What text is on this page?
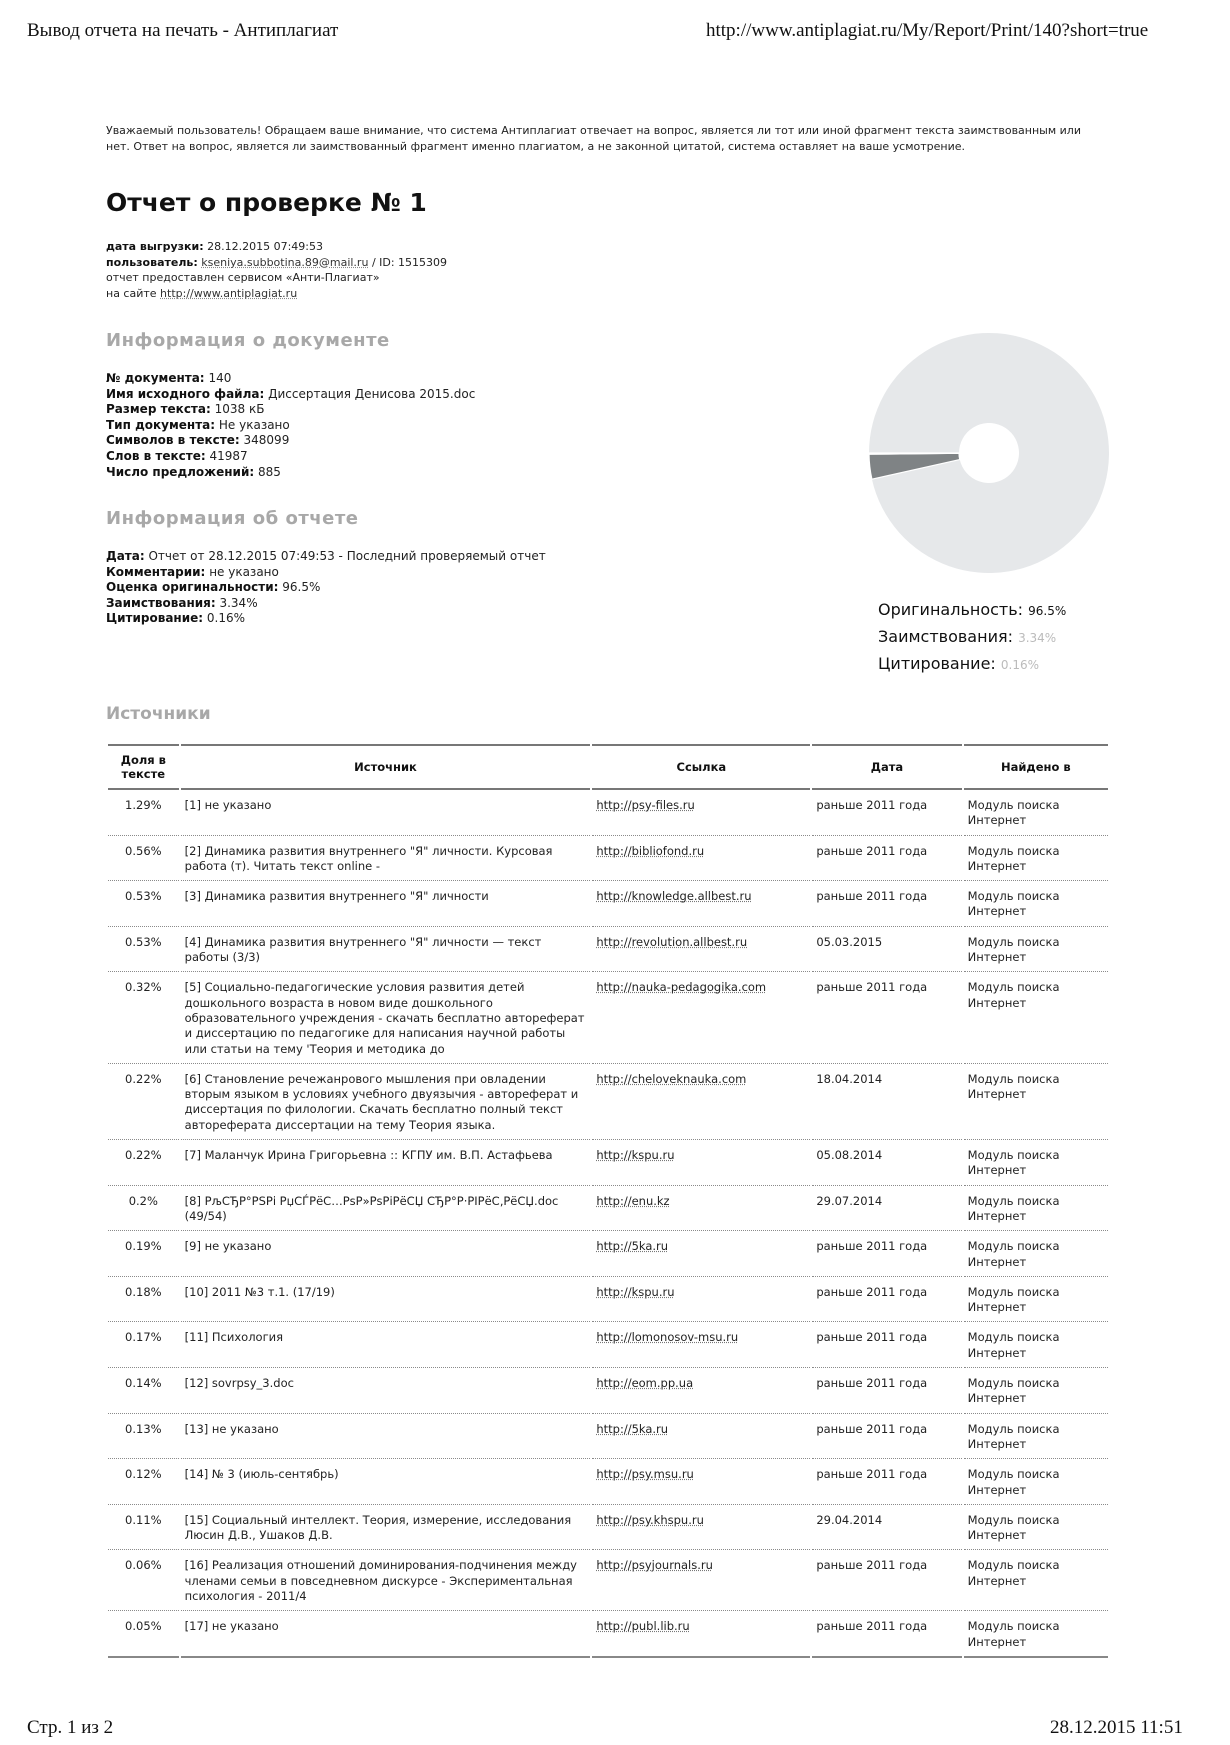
Вывод отчета на печать - Антиплагиат	http://www.antiplagiat.ru/My/Report/Print/140?short=true
Уважаемый пользователь! Обращаем ваше внимание, что система Антиплагиат отвечает на вопрос, является ли тот или иной фрагмент текста заимствованным или нет. Ответ на вопрос, является ли заимствованный фрагмент именно плагиатом, а не законной цитатой, система оставляет на ваше усмотрение.
Отчет о проверке № 1
дата выгрузки: 28.12.2015 07:49:53
пользователь: kseniya.subbotina.89@mail.ru / ID: 1515309
отчет предоставлен сервисом «Анти-Плагиат»
на сайте http://www.antiplagiat.ru
Информация о документе
№ документа: 140
Имя исходного файла: Диссертация Денисова 2015.doc
Размер текста: 1038 кБ
Тип документа: Не указано
Символов в тексте: 348099
Слов в тексте: 41987
Число предложений: 885
Информация об отчете
Дата: Отчет от 28.12.2015 07:49:53 - Последний проверяемый отчет
Комментарии: не указано
Оценка оригинальности: 96.5%
Заимствования: 3.34%
Цитирование: 0.16%	Оригинальность: 96.5%
Заимствования: 3.34%
Цитирование: 0.16%
Источники
Доля в тексте	Источник	Ссылка	Дата	Найдено в
1.29%	[1] не указано	http://psy-files.ru	раньше 2011 года	Модуль поиска Интернет
0.56%	[2] Динамика развития внутреннего "Я" личности. Курсовая работа (т). Читать текст online -	http://bibliofond.ru	раньше 2011 года	Модуль поиска Интернет
0.53%	[3] Динамика развития внутреннего "Я" личности	http://knowledge.allbest.ru	раньше 2011 года	Модуль поиска Интернет
0.53%	[4] Динамика развития внутреннего "Я" личности — текст работы (3/3)	http://revolution.allbest.ru	05.03.2015	Модуль поиска Интернет
0.32%	[5] Социально-педагогические условия развития детей дошкольного возраста в новом виде дошкольного образовательного учреждения - скачать бесплатно автореферат и диссертацию по педагогике для написания научной работы или статьи на тему 'Теория и методика до	http://nauka-pedagogika.com	раньше 2011 года	Модуль поиска Интернет
0.22%	[6] Становление речежанрового мышления при овладении вторым языком в условиях учебного двуязычия - автореферат и диссертация по филологии. Скачать бесплатно полный текст автореферата диссертации на тему Теория языка.	http://cheloveknauka.com	18.04.2014	Модуль поиска Интернет
0.22%	[7] Маланчук Ирина Григорьевна :: КГПУ им. В.П. Астафьева	http://kspu.ru	05.08.2014	Модуль поиска Интернет
0.2%	[8] РљСЂР°РЅРі РџСЃРёС…РѕР»РѕРіРёСЏ СЂР°Р·РІРёС‚РёСЏ.doc (49/54)	http://enu.kz	29.07.2014	Модуль поиска Интернет
0.19%	[9] не указано	http://5ka.ru	раньше 2011 года	Модуль поиска Интернет
0.18%	[10] 2011 №3 т.1. (17/19)	http://kspu.ru	раньше 2011 года	Модуль поиска Интернет
0.17%	[11] Психология	http://lomonosov-msu.ru	раньше 2011 года	Модуль поиска Интернет
0.14%	[12] sovrpsy_3.doc	http://eom.pp.ua	раньше 2011 года	Модуль поиска Интернет
0.13%	[13] не указано	http://5ka.ru	раньше 2011 года	Модуль поиска Интернет
0.12%	[14] № 3 (июль-сентябрь)	http://psy.msu.ru	раньше 2011 года	Модуль поиска Интернет
0.11%	[15] Социальный интеллект. Теория, измерение, исследования Люсин Д.В., Ушаков Д.В.	http://psy.khspu.ru	29.04.2014	Модуль поиска Интернет
0.06%	[16] Реализация отношений доминирования-подчинения между членами семьи в повседневном дискурсе - Экспериментальная психология - 2011/4	http://psyjournals.ru	раньше 2011 года	Модуль поиска Интернет
0.05%	[17] не указано	http://publ.lib.ru	раньше 2011 года	Модуль поиска Интернет
Стр. 1 из 2	28.12.2015 11:51
